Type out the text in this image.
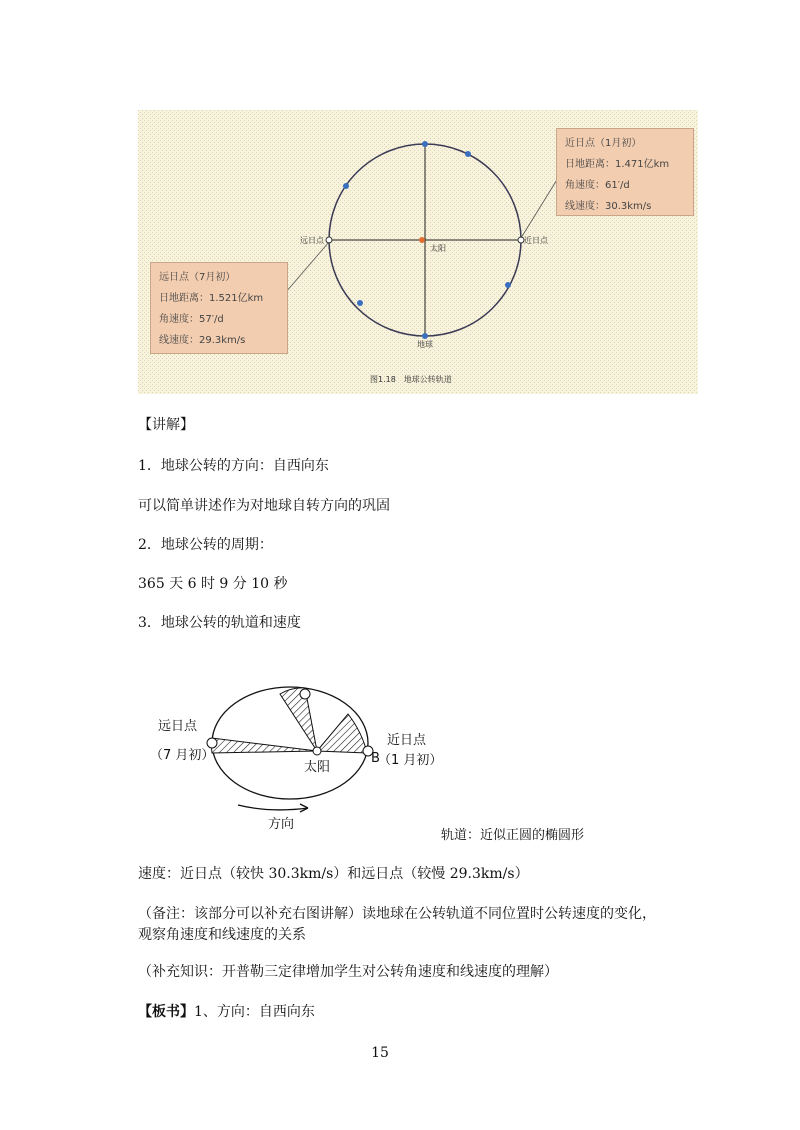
太阳
远日点	近日点
地球
图1.18　地球公转轨道
近日点（1月初）
日地距离：1.471亿km
角速度：61′/d
线速度：30.3km/s
远日点（7月初）
日地距离：1.521亿km
角速度：57′/d
线速度：29.3km/s
【讲解】
1．地球公转的方向：自西向东
可以简单讲述作为对地球自转方向的巩固
2．地球公转的周期：
365 天 6 时 9 分 10 秒
3．地球公转的轨道和速度
太阳
B
远日点
（7 月初）
近日点
（1 月初）
方向
轨道：近似正圆的椭圆形
速度：近日点（较快 30.3km/s）和远日点（较慢 29.3km/s）
（备注：该部分可以补充右图讲解）读地球在公转轨道不同位置时公转速度的变化，观察角速度和线速度的关系
（补充知识：开普勒三定律增加学生对公转角速度和线速度的理解）
【板书】1、方向：自西向东
15
